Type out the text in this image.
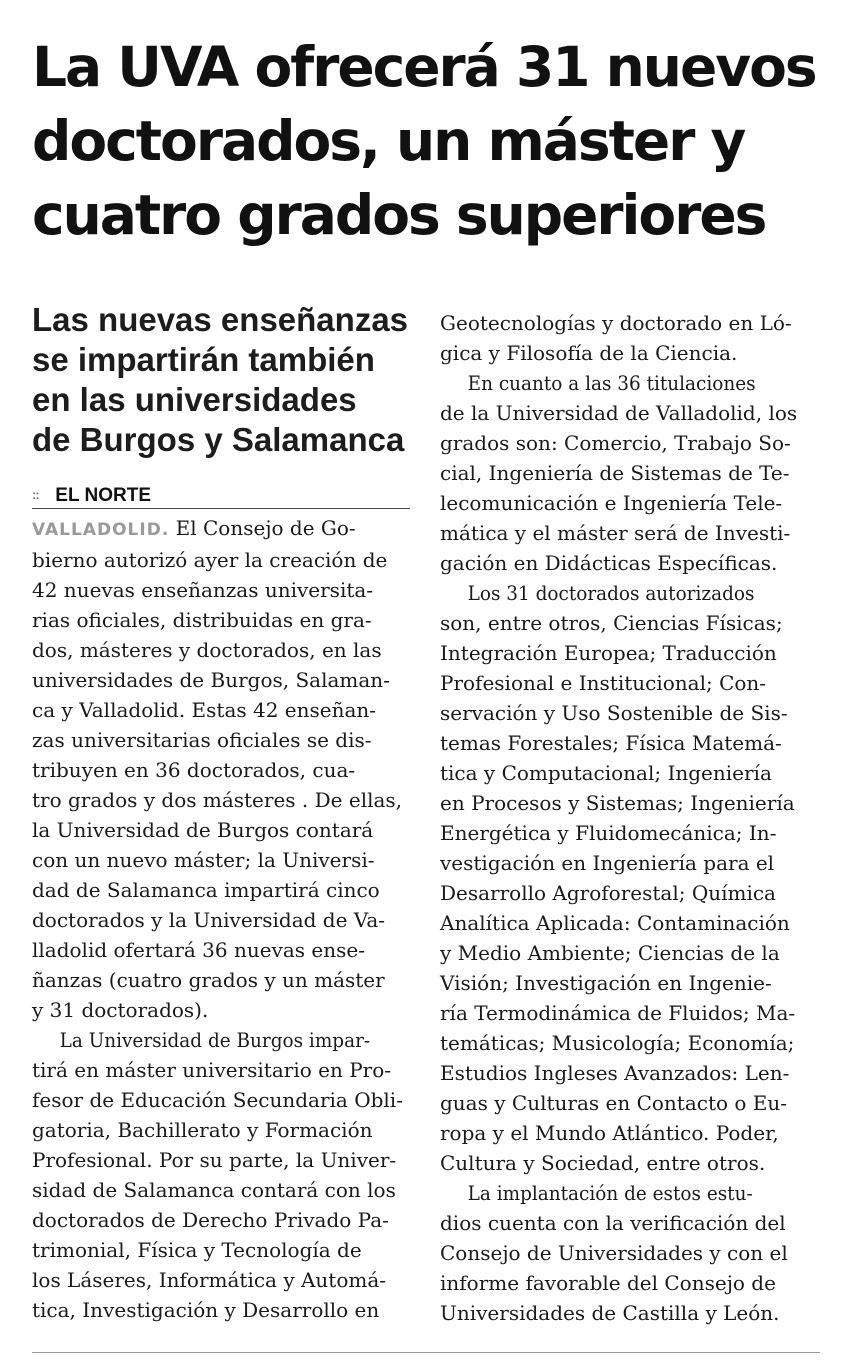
La UVA ofrecerá 31 nuevos
doctorados, un máster y
cuatro grados superiores
Las nuevas enseñanzas
se impartirán también
en las universidades
de Burgos y Salamanca
:: EL NORTE
VALLADOLID. El Consejo de Go-
bierno autorizó ayer la creación de
42 nuevas enseñanzas universita-
rias oficiales, distribuidas en gra-
dos, másteres y doctorados, en las
universidades de Burgos, Salaman-
ca y Valladolid. Estas 42 enseñan-
zas universitarias oficiales se dis-
tribuyen en 36 doctorados, cua-
tro grados y dos másteres . De ellas,
la Universidad de Burgos contará
con un nuevo máster; la Universi-
dad de Salamanca impartirá cinco
doctorados y la Universidad de Va-
lladolid ofertará 36 nuevas ense-
ñanzas (cuatro grados y un máster
y 31 doctorados).
La Universidad de Burgos impar-
tirá en máster universitario en Pro-
fesor de Educación Secundaria Obli-
gatoria, Bachillerato y Formación
Profesional. Por su parte, la Univer-
sidad de Salamanca contará con los
doctorados de Derecho Privado Pa-
trimonial, Física y Tecnología de
los Láseres, Informática y Automá-
tica, Investigación y Desarrollo en
Geotecnologías y doctorado en Ló-
gica y Filosofía de la Ciencia.
En cuanto a las 36 titulaciones
de la Universidad de Valladolid, los
grados son: Comercio, Trabajo So-
cial, Ingeniería de Sistemas de Te-
lecomunicación e Ingeniería Tele-
mática y el máster será de Investi-
gación en Didácticas Específicas.
Los 31 doctorados autorizados
son, entre otros, Ciencias Físicas;
Integración Europea; Traducción
Profesional e Institucional; Con-
servación y Uso Sostenible de Sis-
temas Forestales; Física Matemá-
tica y Computacional; Ingeniería
en Procesos y Sistemas; Ingeniería
Energética y Fluidomecánica; In-
vestigación en Ingeniería para el
Desarrollo Agroforestal; Química
Analítica Aplicada: Contaminación
y Medio Ambiente; Ciencias de la
Visión; Investigación en Ingenie-
ría Termodinámica de Fluidos; Ma-
temáticas; Musicología; Economía;
Estudios Ingleses Avanzados: Len-
guas y Culturas en Contacto o Eu-
ropa y el Mundo Atlántico. Poder,
Cultura y Sociedad, entre otros.
La implantación de estos estu-
dios cuenta con la verificación del
Consejo de Universidades y con el
informe favorable del Consejo de
Universidades de Castilla y León.
